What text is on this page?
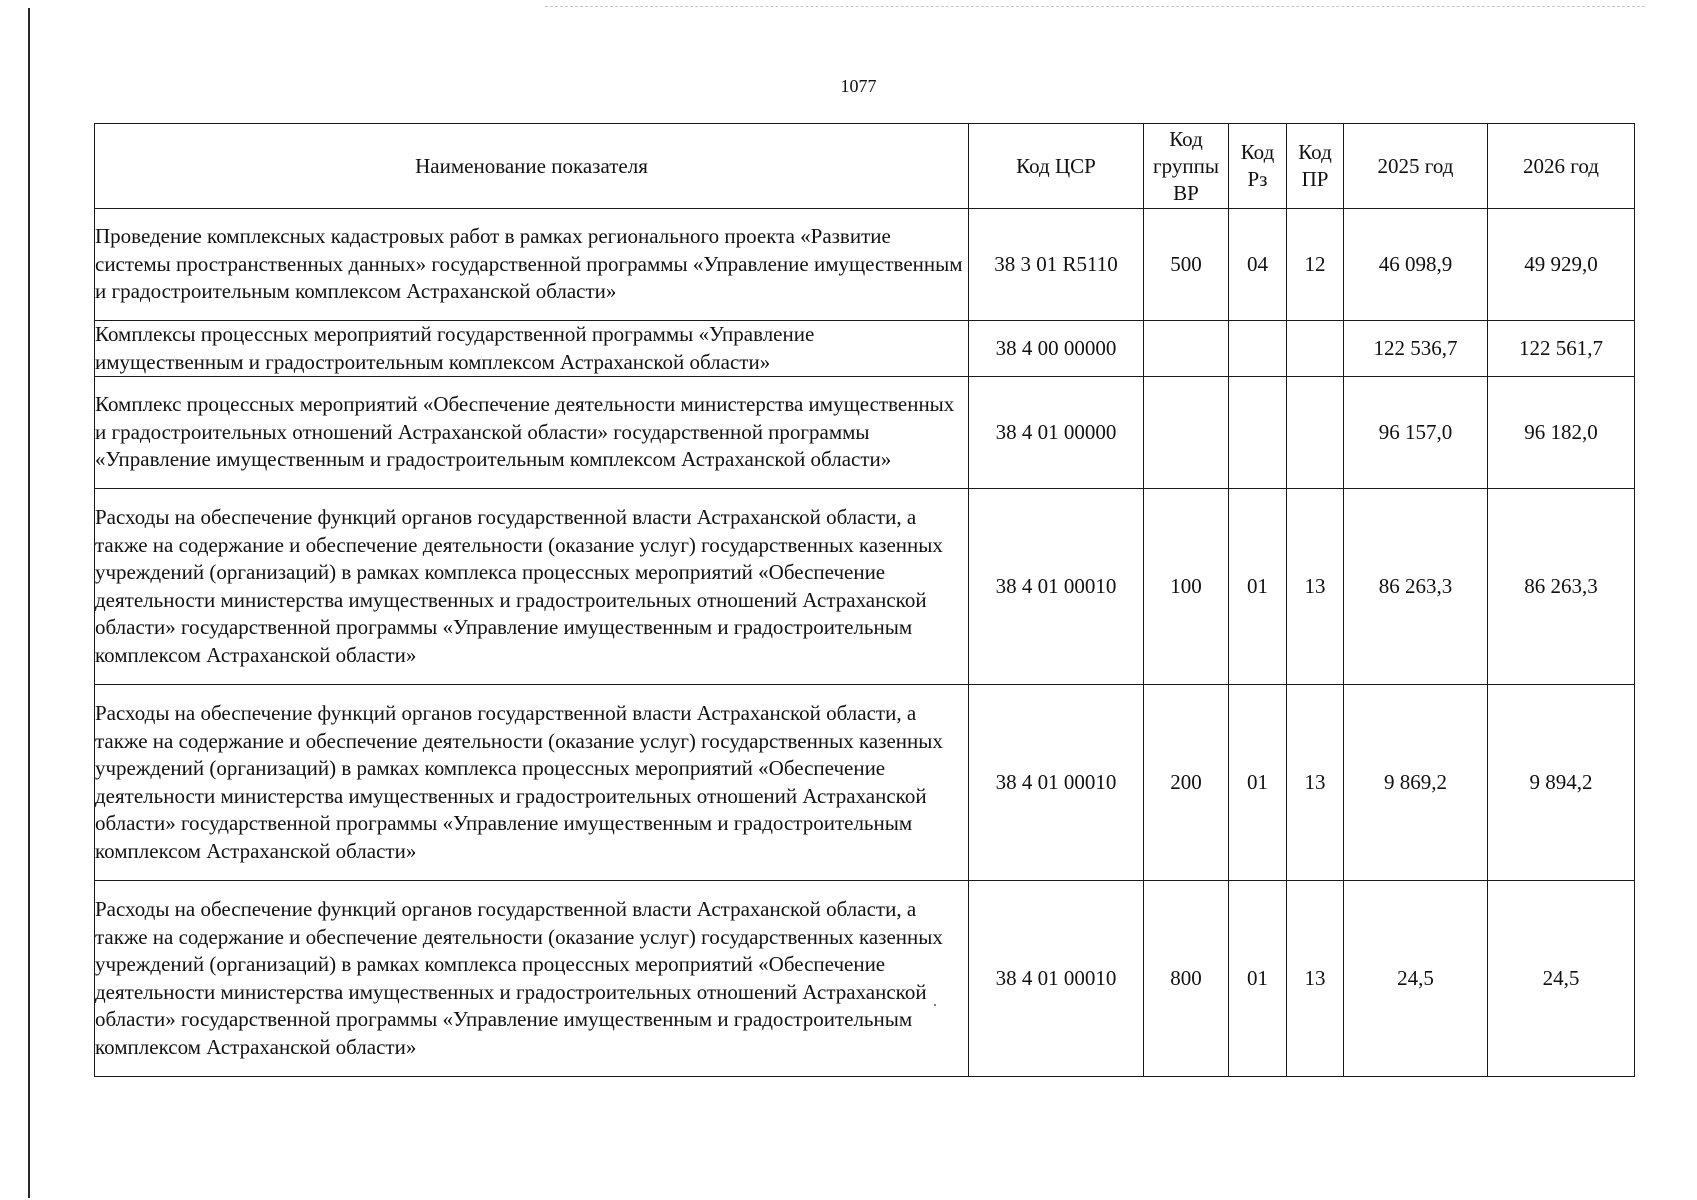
1077
Наименование показателя	Код ЦСР	Код группы ВР	Код Рз	Код ПР	2025 год	2026 год
Проведение комплексных кадастровых работ в рамках регионального проекта «Развитие системы пространственных данных» государственной программы «Управление имущественным и градостроительным комплексом Астраханской области»	38 3 01 R5110	500	04	12	46 098,9	49 929,0
Комплексы процессных мероприятий государственной программы «Управление имущественным и градостроительным комплексом Астраханской области»	38 4 00 00000				122 536,7	122 561,7
Комплекс процессных мероприятий «Обеспечение деятельности министерства имущественных и градостроительных отношений Астраханской области» государственной программы «Управление имущественным и градостроительным комплексом Астраханской области»	38 4 01 00000				96 157,0	96 182,0
Расходы на обеспечение функций органов государственной власти Астраханской области, а также на содержание и обеспечение деятельности (оказание услуг) государственных казенных учреждений (организаций) в рамках комплекса процессных мероприятий «Обеспечение деятельности министерства имущественных и градостроительных отношений Астраханской области» государственной программы «Управление имущественным и градостроительным комплексом Астраханской области»	38 4 01 00010	100	01	13	86 263,3	86 263,3
Расходы на обеспечение функций органов государственной власти Астраханской области, а также на содержание и обеспечение деятельности (оказание услуг) государственных казенных учреждений (организаций) в рамках комплекса процессных мероприятий «Обеспечение деятельности министерства имущественных и градостроительных отношений Астраханской области» государственной программы «Управление имущественным и градостроительным комплексом Астраханской области»	38 4 01 00010	200	01	13	9 869,2	9 894,2
Расходы на обеспечение функций органов государственной власти Астраханской области, а также на содержание и обеспечение деятельности (оказание услуг) государственных казенных учреждений (организаций) в рамках комплекса процессных мероприятий «Обеспечение деятельности министерства имущественных и градостроительных отношений Астраханской области» государственной программы «Управление имущественным и градостроительным комплексом Астраханской области»	38 4 01 00010	800	01	13	24,5	24,5
